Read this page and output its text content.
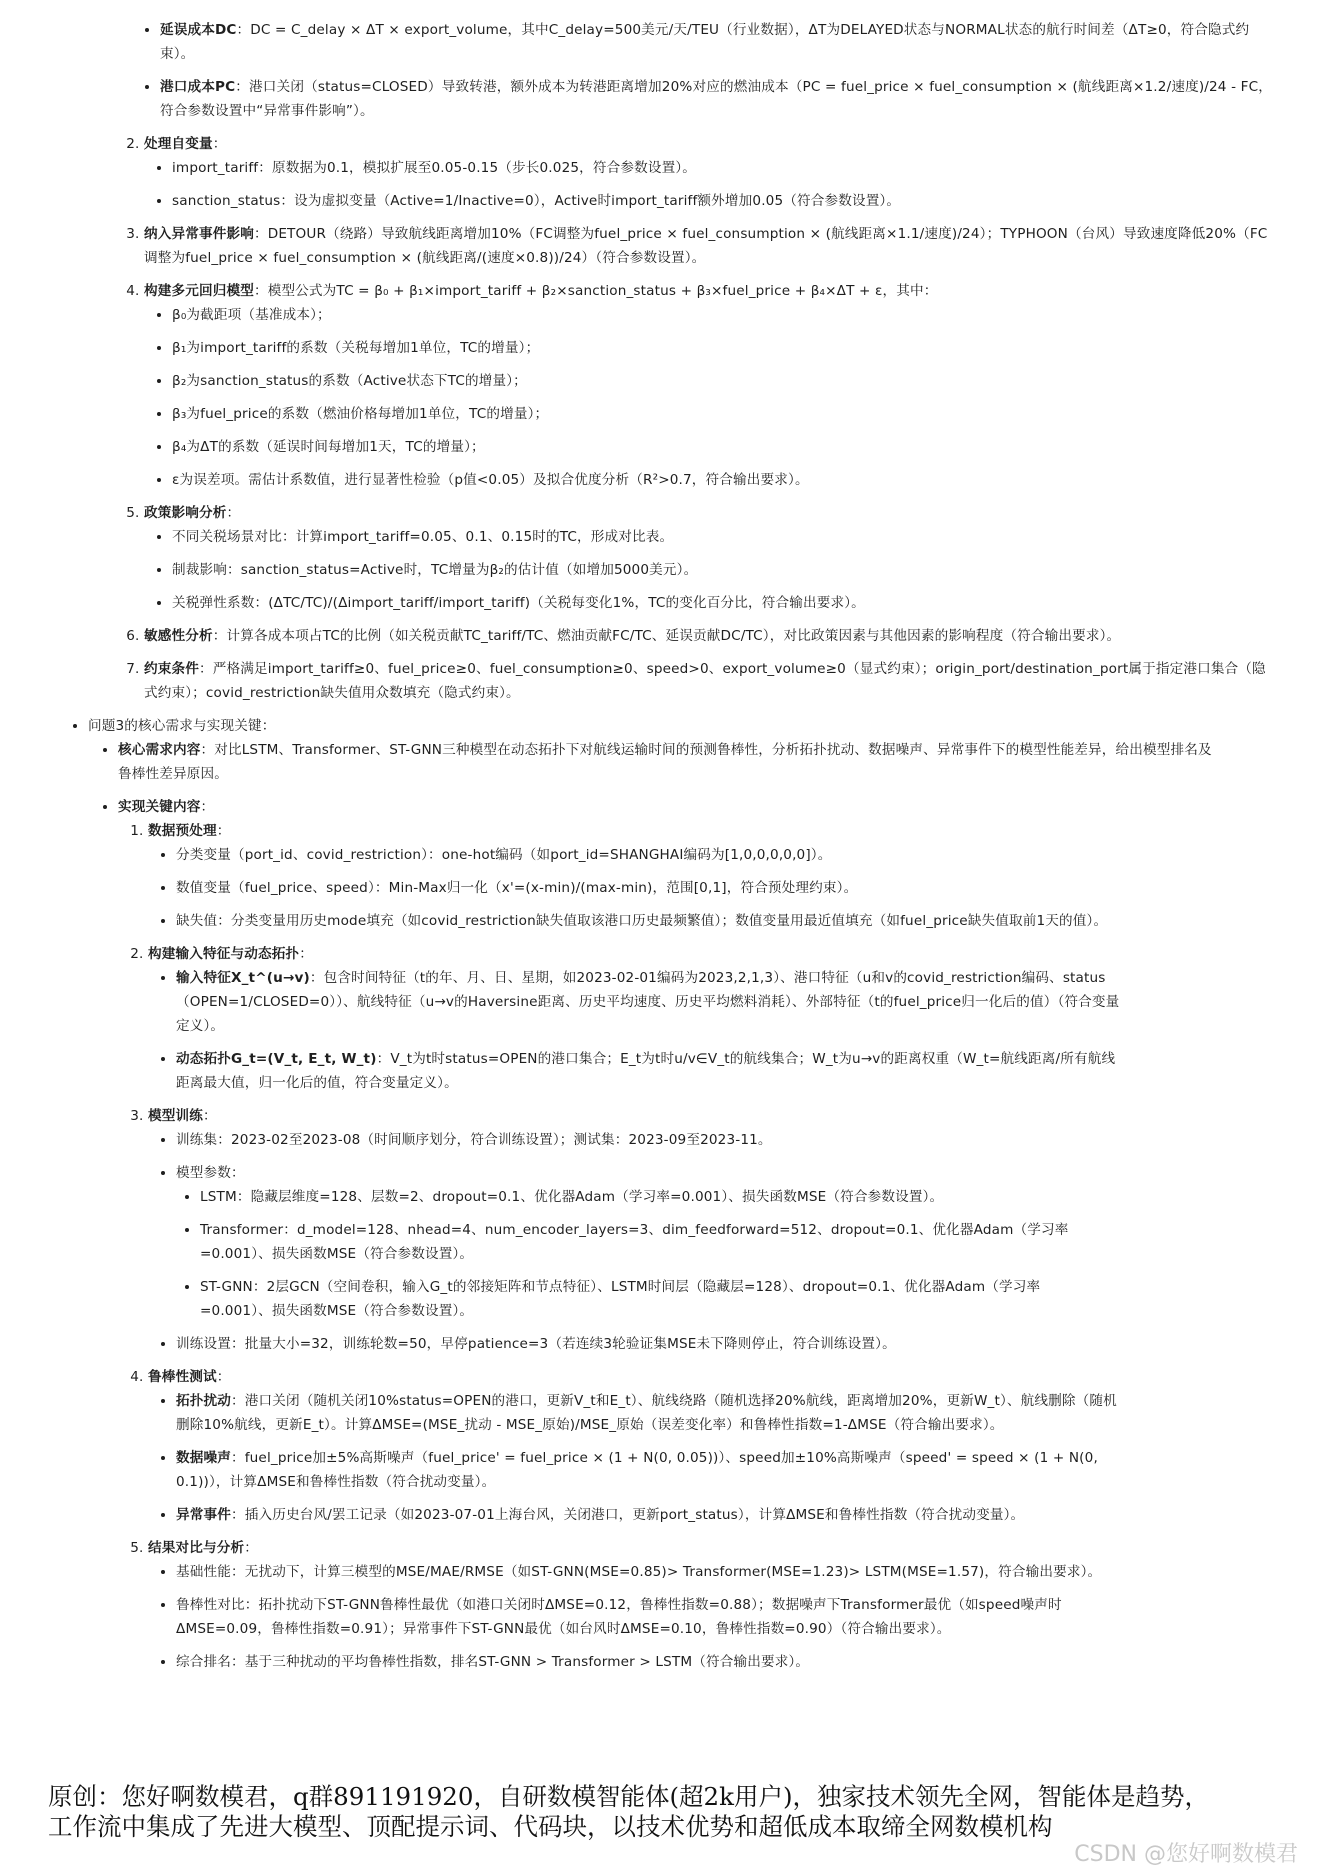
• 延误成本DC：DC = C_delay × ΔT × export_volume，其中C_delay=500美元/天/TEU（行业数据），ΔT为DELAYED状态与NORMAL状态的航行时间差（ΔT≥0，符合隐式约束）。
• 港口成本PC：港口关闭（status=CLOSED）导致转港，额外成本为转港距离增加20%对应的燃油成本（PC = fuel_price × fuel_consumption × (航线距离×1.2/速度)/24 - FC，符合参数设置中“异常事件影响”）。
2. 处理自变量：
• import_tariff：原数据为0.1，模拟扩展至0.05-0.15（步长0.025，符合参数设置）。
• sanction_status：设为虚拟变量（Active=1/Inactive=0），Active时import_tariff额外增加0.05（符合参数设置）。
3. 纳入异常事件影响：DETOUR（绕路）导致航线距离增加10%（FC调整为fuel_price × fuel_consumption × (航线距离×1.1/速度)/24）；TYPHOON（台风）导致速度降低20%（FC调整为fuel_price × fuel_consumption × (航线距离/(速度×0.8))/24）（符合参数设置）。
4. 构建多元回归模型：模型公式为TC = β₀ + β₁×import_tariff + β₂×sanction_status + β₃×fuel_price + β₄×ΔT + ε，其中：
• β₀为截距项（基准成本）；
• β₁为import_tariff的系数（关税每增加1单位，TC的增量）；
• β₂为sanction_status的系数（Active状态下TC的增量）；
• β₃为fuel_price的系数（燃油价格每增加1单位，TC的增量）；
• β₄为ΔT的系数（延误时间每增加1天，TC的增量）；
• ε为误差项。需估计系数值，进行显著性检验（p值<0.05）及拟合优度分析（R²>0.7，符合输出要求）。
5. 政策影响分析：
• 不同关税场景对比：计算import_tariff=0.05、0.1、0.15时的TC，形成对比表。
• 制裁影响：sanction_status=Active时，TC增量为β₂的估计值（如增加5000美元）。
• 关税弹性系数：(ΔTC/TC)/(Δimport_tariff/import_tariff)（关税每变化1%，TC的变化百分比，符合输出要求）。
6. 敏感性分析：计算各成本项占TC的比例（如关税贡献TC_tariff/TC、燃油贡献FC/TC、延误贡献DC/TC），对比政策因素与其他因素的影响程度（符合输出要求）。
7. 约束条件：严格满足import_tariff≥0、fuel_price≥0、fuel_consumption≥0、speed>0、export_volume≥0（显式约束）；origin_port/destination_port属于指定港口集合（隐式约束）；covid_restriction缺失值用众数填充（隐式约束）。
• 问题3的核心需求与实现关键：
• 核心需求内容：对比LSTM、Transformer、ST-GNN三种模型在动态拓扑下对航线运输时间的预测鲁棒性，分析拓扑扰动、数据噪声、异常事件下的模型性能差异，给出模型排名及鲁棒性差异原因。
• 实现关键内容：
1. 数据预处理：
• 分类变量（port_id、covid_restriction）：one-hot编码（如port_id=SHANGHAI编码为[1,0,0,0,0,0]）。
• 数值变量（fuel_price、speed）：Min-Max归一化（x'=(x-min)/(max-min)，范围[0,1]，符合预处理约束）。
• 缺失值：分类变量用历史mode填充（如covid_restriction缺失值取该港口历史最频繁值）；数值变量用最近值填充（如fuel_price缺失值取前1天的值）。
2. 构建输入特征与动态拓扑：
• 输入特征X_t^(u→v)：包含时间特征（t的年、月、日、星期，如2023-02-01编码为2023,2,1,3）、港口特征（u和v的covid_restriction编码、status（OPEN=1/CLOSED=0））、航线特征（u→v的Haversine距离、历史平均速度、历史平均燃料消耗）、外部特征（t的fuel_price归一化后的值）（符合变量定义）。
• 动态拓扑G_t=(V_t, E_t, W_t)：V_t为t时status=OPEN的港口集合；E_t为t时u/v∈V_t的航线集合；W_t为u→v的距离权重（W_t=航线距离/所有航线距离最大值，归一化后的值，符合变量定义）。
3. 模型训练：
• 训练集：2023-02至2023-08（时间顺序划分，符合训练设置）；测试集：2023-09至2023-11。
• 模型参数：
• LSTM：隐藏层维度=128、层数=2、dropout=0.1、优化器Adam（学习率=0.001）、损失函数MSE（符合参数设置）。
• Transformer：d_model=128、nhead=4、num_encoder_layers=3、dim_feedforward=512、dropout=0.1、优化器Adam（学习率=0.001）、损失函数MSE（符合参数设置）。
• ST-GNN：2层GCN（空间卷积，输入G_t的邻接矩阵和节点特征）、LSTM时间层（隐藏层=128）、dropout=0.1、优化器Adam（学习率=0.001）、损失函数MSE（符合参数设置）。
• 训练设置：批量大小=32，训练轮数=50，早停patience=3（若连续3轮验证集MSE未下降则停止，符合训练设置）。
4. 鲁棒性测试：
• 拓扑扰动：港口关闭（随机关闭10%status=OPEN的港口，更新V_t和E_t）、航线绕路（随机选择20%航线，距离增加20%，更新W_t）、航线删除（随机删除10%航线，更新E_t）。计算ΔMSE=(MSE_扰动 - MSE_原始)/MSE_原始（误差变化率）和鲁棒性指数=1-ΔMSE（符合输出要求）。
• 数据噪声：fuel_price加±5%高斯噪声（fuel_price' = fuel_price × (1 + N(0, 0.05))）、speed加±10%高斯噪声（speed' = speed × (1 + N(0, 0.1))），计算ΔMSE和鲁棒性指数（符合扰动变量）。
• 异常事件：插入历史台风/罢工记录（如2023-07-01上海台风，关闭港口，更新port_status），计算ΔMSE和鲁棒性指数（符合扰动变量）。
5. 结果对比与分析：
• 基础性能：无扰动下，计算三模型的MSE/MAE/RMSE（如ST-GNN(MSE=0.85)> Transformer(MSE=1.23)> LSTM(MSE=1.57)，符合输出要求）。
• 鲁棒性对比：拓扑扰动下ST-GNN鲁棒性最优（如港口关闭时ΔMSE=0.12，鲁棒性指数=0.88）；数据噪声下Transformer最优（如speed噪声时ΔMSE=0.09，鲁棒性指数=0.91）；异常事件下ST-GNN最优（如台风时ΔMSE=0.10，鲁棒性指数=0.90）（符合输出要求）。
• 综合排名：基于三种扰动的平均鲁棒性指数，排名ST-GNN > Transformer > LSTM（符合输出要求）。
原创：您好啊数模君，q群891191920，自研数模智能体(超2k用户)，独家技术领先全网，智能体是趋势，
工作流中集成了先进大模型、顶配提示词、代码块，以技术优势和超低成本取缔全网数模机构
CSDN @您好啊数模君
